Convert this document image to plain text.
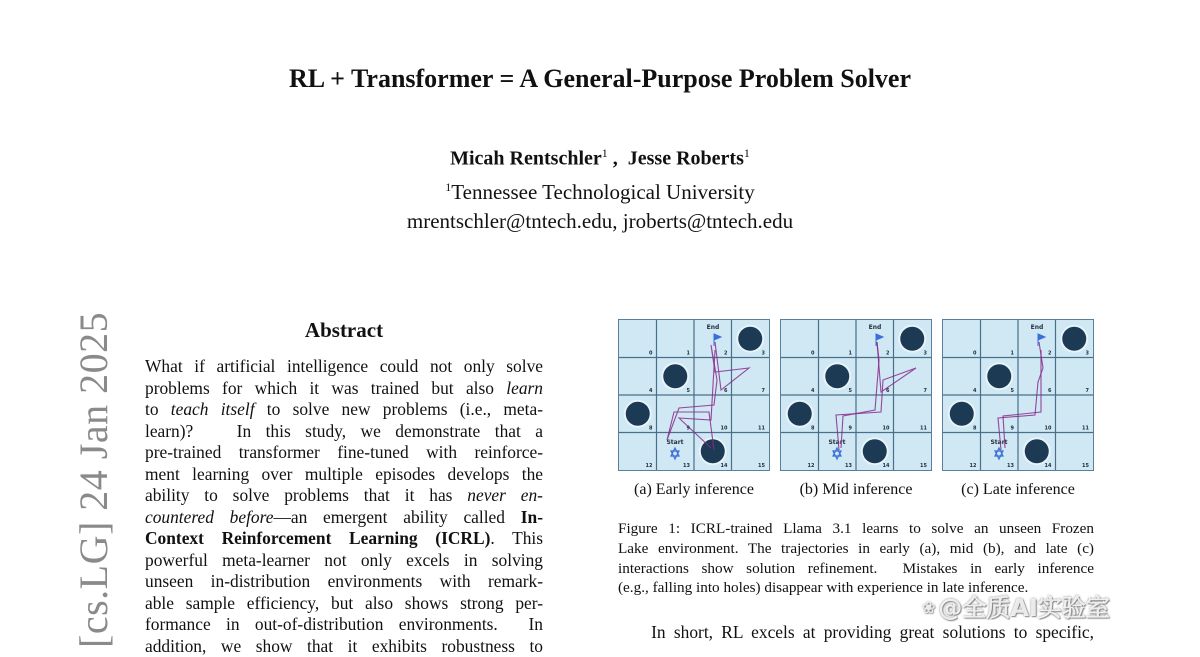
[cs.LG] 24 Jan 2025
RL + Transformer = A General-Purpose Problem Solver
Micah Rentschler$^1$ ,  Jesse Roberts$^1$
$^1$Tennessee Technological University
mrentschler@tntech.edu, jroberts@tntech.edu
Abstract
What if artificial intelligence could not only solve
problems for which it was trained but also learn
to teach itself to solve new problems (i.e., meta-
learn)?   In this study, we demonstrate that a
pre-trained transformer fine-tuned with reinforce-
ment learning over multiple episodes develops the
ability to solve problems that it has never en-
countered before—an emergent ability called In-
Context Reinforcement Learning (ICRL). This
powerful meta-learner not only excels in solving
unseen in-distribution environments with remark-
able sample efficiency, but also shows strong per-
formance in out-of-distribution environments.  In
addition, we show that it exhibits robustness to
0	1	2	3
4	5	6	7
8	9	10	11
12	13	14	15
End
Start
0	1	2	3
4	5	6	7
8	9	10	11
12	13	14	15
End
Start
0	1	2	3
4	5	6	7
8	9	10	11
12	13	14	15
End
Start
(a) Early inference	(b) Mid inference	(c) Late inference
Figure 1: ICRL-trained Llama 3.1 learns to solve an unseen Frozen
Lake environment. The trajectories in early (a), mid (b), and late (c)
interactions show solution refinement.  Mistakes in early inference
(e.g., falling into holes) disappear with experience in late inference.
In short, RL excels at providing great solutions to specific,
❀ @全质AI实验室
